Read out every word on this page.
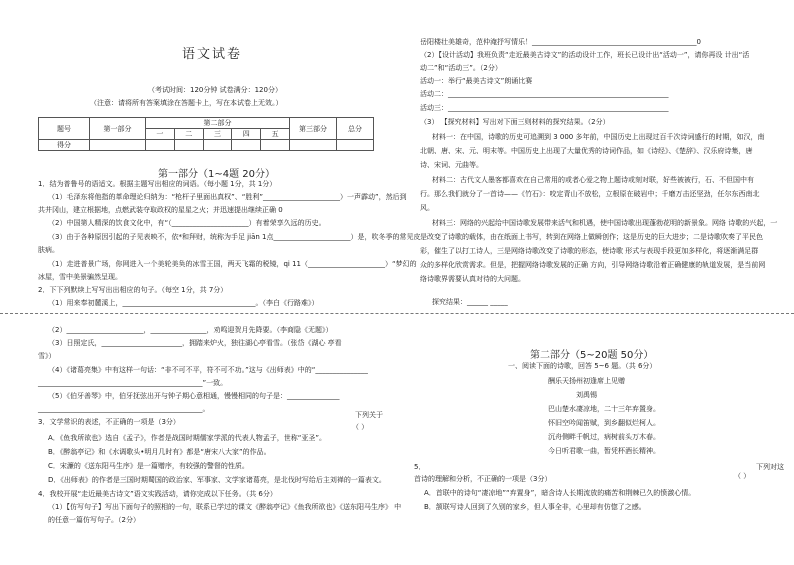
语文试卷
（考试时间：120分钟 试卷满分：120分）
（注意：请将所有答案填涂在答题卡上，写在本试卷上无效。）
题号	第一部分	第二部分					第三部分	总分
		一	二	三	四	五		
得分								
第一部分（1~4题 20分）
1．结为普鲁号的语适文。根据主题写出相应的词语。（每小题 1分，共 1分）
（1）毛泽东将他指的革命理论归纳为：“枪杆子里面出真权”、“胜利”______________________）一声霹动”，然后到
共井冈山，建立根据地，点燃武装夺取政权的星星之火；并迅速提出继续正确 0
（2）中国第人精深的饮食文化中，有“（______________________）有着荣享久远的历史。
（3）由于各种原因引起的子见表映不，依*和拜财，统称为手足 jiān 1点______________________）是，吹冬季的常见皮
肤病。
（1）走进普景广场，你网进入一个美轮美奂的冰雪王国，两天飞霜的税镜，qi 11（______________________）“梦幻的
冰屋，雪中美景骗然呈现。
2．下下列默续上写写出出相应的句子。（每空 1分，共 7分）
（1）用来奉初麓溪上，______________________________________。（李白《行路难》）
（2）______________________，________________，劝鸣迎贺月先降要。（李商隐《无题》）
（3）日照定氏，_______________________，拥踏来炉火，独往湖心亭看雪。（张岱《湖心 亭看
雪》）
（4）《诸葛亮集》中有这样一句话：“非不可不平，符不可不功。”这与《出师表》中的“_______________
_______________________________________________”一致。
（5）《伯牙善琴》中，伯牙抚弦出开与钟子期心意相通，慢慢相同的句子是：_______________
_______________________________________________。
下列关于
3．文学常识的表述，不正确的一项是（3分）
（ ）
A．《鱼我所欲也》选自《孟子》，作者是战国时期儒家学派的代表人物孟子，世称“亚圣”。
B．《醉翁亭记》和《水调歌头•明月几时有》都是“唐宋八大家”的作品。
C．宋濂的《送东阳马生序》是一篇赠序，有较强的警督的性质。
D．《出师表》的作者是三国时期蜀国的政治家、军事家、文学家诸葛亮，是北伐时写给后主刘禅的一篇表文。
4．我校开展“走近最美古诗文”语文实践活动，请你完成以下任务。（共 6分）
（1）【仿写句子】写出下面句子的照相的一句，联系已学过的课文《醉翁亭记》《鱼我所欲也》《送东阳马生序》 中
的任意一篇仿写句子。（2分）
岳阳楼壮美雄奇，范仲淹抒写情乐！_______________________________________________0
（2）【设计活动】我班负责“走近最美古诗文”的活动设计工作，班长已设计出“活动一”，请你再设 计出“活
动二”和“活动三”。（2分）
活动一：举行“最美古诗文”朗诵比赛
活动二：_______________________________________________________________
活动三：_______________________________________________________________
（3） 【探究材料】写出对下面三则材料的探究结果。（2分）
材料一：在中国，诗歌的历史可追溯到 3 000 多年前，中国历史上出现过百千次诗词盛行的时期，如汉，南
北朝、唐、宋、元、明末等。中国历史上出现了大量优秀的诗词作品，如《诗经》、《楚辞》、汉乐府诗集，唐
诗、宋词、元曲等。
材料二：古代文人墨客都喜欢在自己常用的或者心爱之物上题诗或刻对联，好些被被行，石、不但国中有
行。那么我们就分了一首诗——《竹石》：咬定青山不放松，立根原在破岩中；千磨万击还坚劲，任尔东西南北
风。
材料三：网络的兴起给中国诗歌发展带来活气和机遇，使中国诗歌出现蓬勃花明的新景象。网络 诗歌的兴起，一
是改变了诗歌的载体，由在纸面上书写，转到在网络上做瞬创作；这是历史的巨大进步；二是诗歌吹奏了平民色
彩，催生了以打工诗人，三是网络诗歌改变了诗歌的形态，使诗歌 形式与表现手段更加多样化，将逐渐满足群
众的多样化欣赏需求。但是，把握网络诗歌发展的正确 方向，引导网络诗歌沿着正确健康的轨道发展，是当前网
络诗歌界需要认真对待的大问题。
探究结果：______ _____
第二部分（5~20题 50分）
一、阅读下面的诗歌，回答 5~6 题。（共 6分）
酬乐天扬州初逢席上见赠
刘禹锡
巴山楚水凄凉地，二十三年弃置身。
怀旧空吟闻笛赋，到乡翻似烂柯人。
沉舟侧畔千帆过，病树前头万木春。
今日听君歌一曲，暂凭杯酒长精神。
5．	下列对这
首诗的理解和分析，不正确的一项是（3分）	（ ）
A．首联中的诗句“凄凉地”“弃置身”，暗含诗人长期流放的痛苦和荆棘已久的愤激心情。
B．颔联写诗人回到了久别的家乡，但人事全非，心里却有仿惚了之感。
